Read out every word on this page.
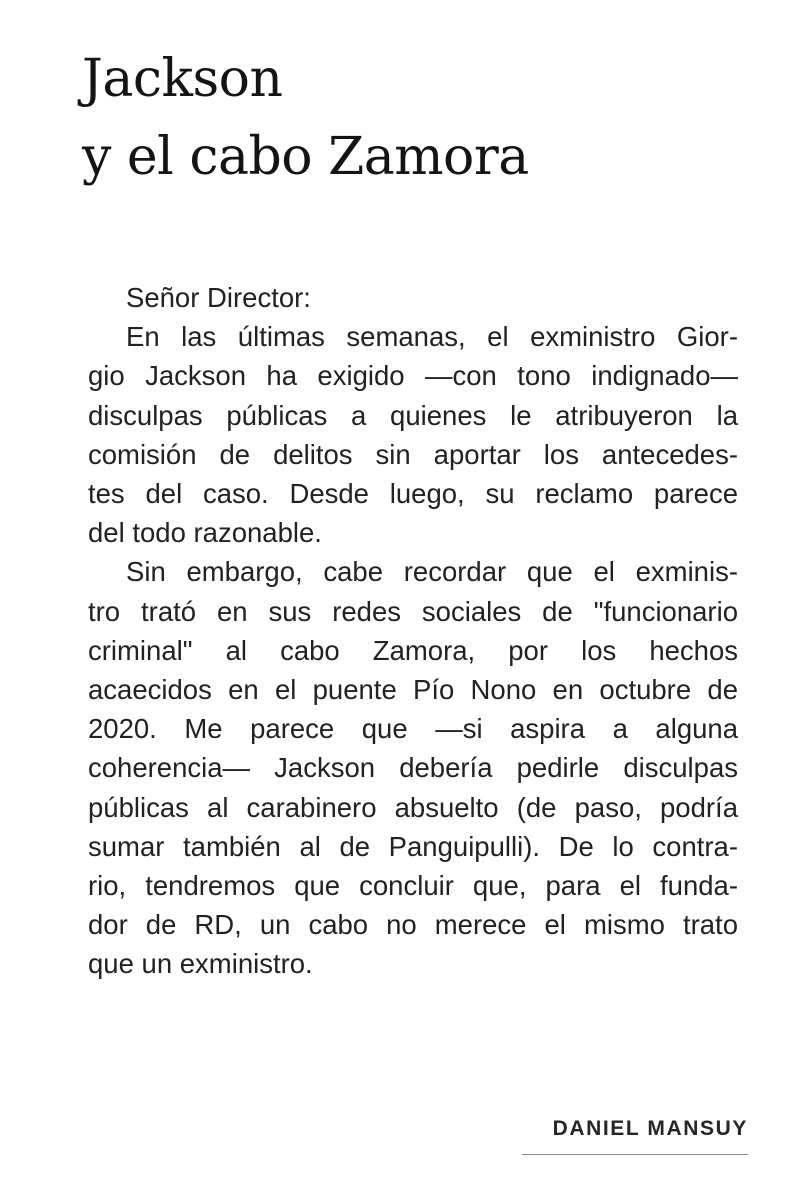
Jackson
y el cabo Zamora
Señor Director:
En las últimas semanas, el exministro Gior-
gio Jackson ha exigido —con tono indignado—
disculpas públicas a quienes le atribuyeron la
comisión de delitos sin aportar los antecedes-
tes del caso. Desde luego, su reclamo parece
del todo razonable.
Sin embargo, cabe recordar que el exminis-
tro trató en sus redes sociales de "funcionario
criminal" al cabo Zamora, por los hechos
acaecidos en el puente Pío Nono en octubre de
2020. Me parece que —si aspira a alguna
coherencia— Jackson debería pedirle disculpas
públicas al carabinero absuelto (de paso, podría
sumar también al de Panguipulli). De lo contra-
rio, tendremos que concluir que, para el funda-
dor de RD, un cabo no merece el mismo trato
que un exministro.
DANIEL MANSUY
